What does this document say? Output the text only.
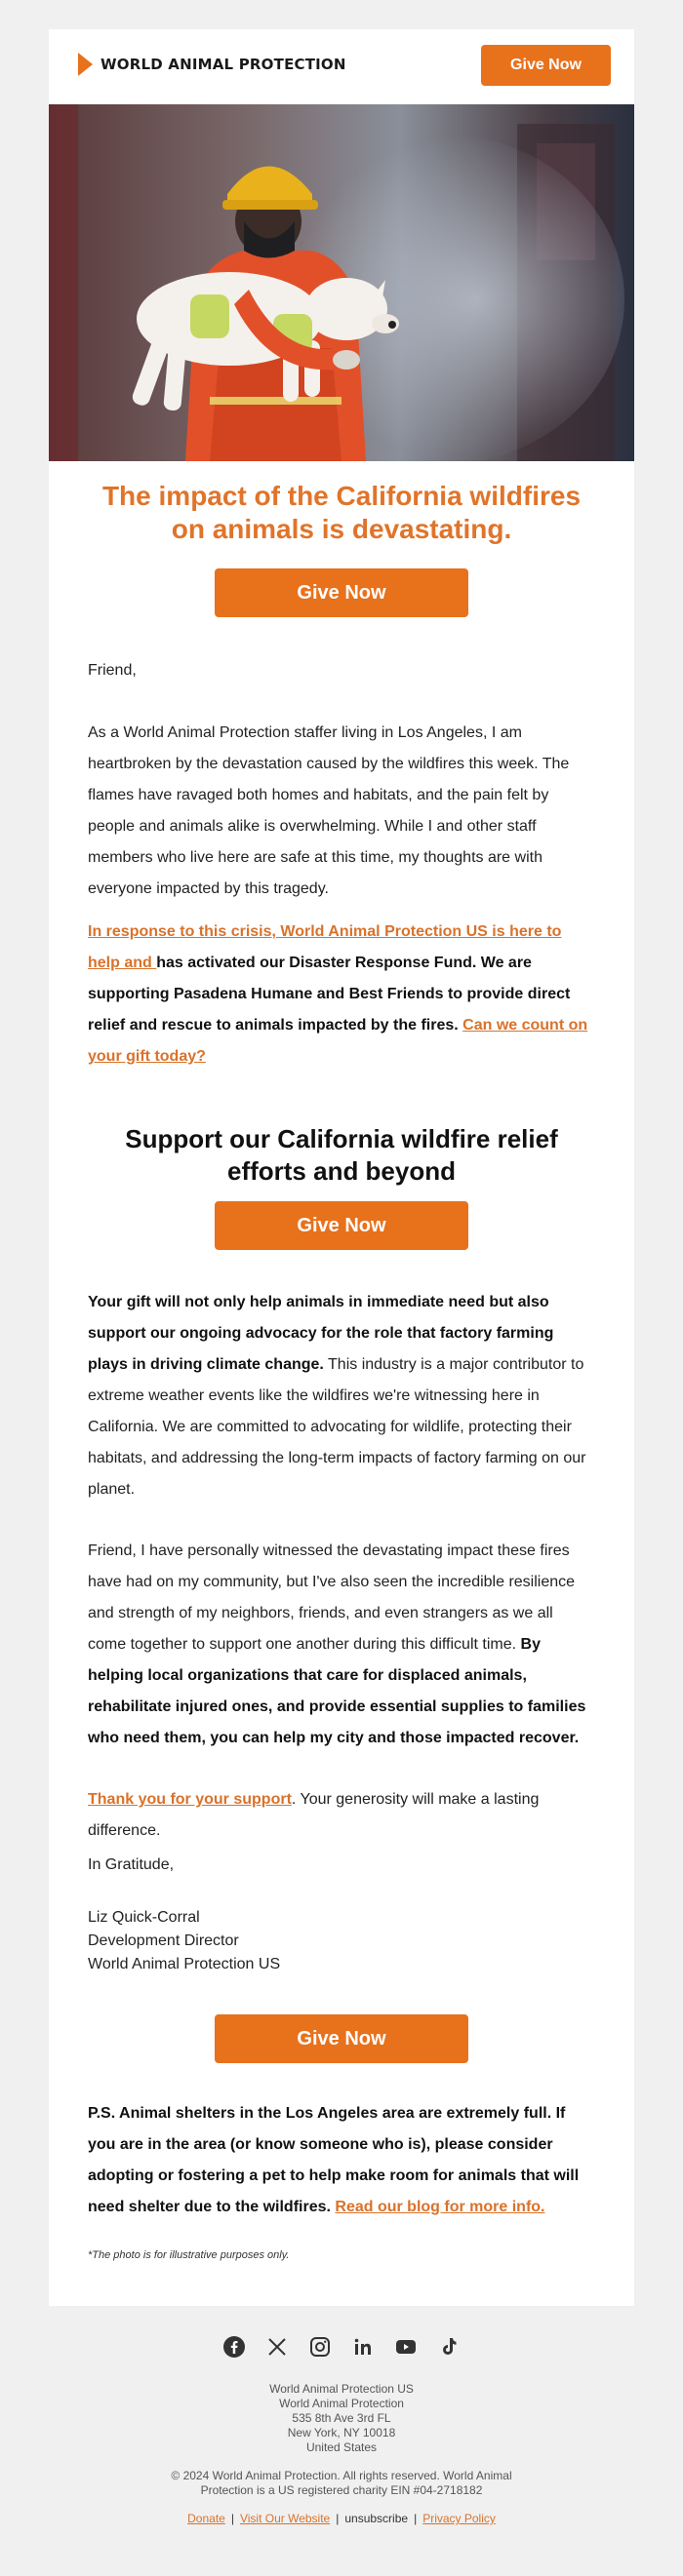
WORLD ANIMAL PROTECTION	Give Now
The impact of the California wildfires on animals is devastating.
Give Now

Friend,

As a World Animal Protection staffer living in Los Angeles, I am heartbroken by the devastation caused by the wildfires this week. The flames have ravaged both homes and habitats, and the pain felt by people and animals alike is overwhelming. While I and other staff members who live here are safe at this time, my thoughts are with everyone impacted by this tragedy.

In response to this crisis, World Animal Protection US is here to help and has activated our Disaster Response Fund. We are supporting Pasadena Humane and Best Friends to provide direct relief and rescue to animals impacted by the fires. Can we count on your gift today?

Support our California wildfire relief efforts and beyond
Give Now

Your gift will not only help animals in immediate need but also support our ongoing advocacy for the role that factory farming plays in driving climate change. This industry is a major contributor to extreme weather events like the wildfires we're witnessing here in California. We are committed to advocating for wildlife, protecting their habitats, and addressing the long-term impacts of factory farming on our planet.

Friend, I have personally witnessed the devastating impact these fires have had on my community, but I've also seen the incredible resilience and strength of my neighbors, friends, and even strangers as we all come together to support one another during this difficult time. By helping local organizations that care for displaced animals, rehabilitate injured ones, and provide essential supplies to families who need them, you can help my city and those impacted recover.

Thank you for your support. Your generosity will make a lasting difference.

In Gratitude,

Liz Quick-Corral
Development Director
World Animal Protection US
Give Now

P.S. Animal shelters in the Los Angeles area are extremely full. If you are in the area (or know someone who is), please consider adopting or fostering a pet to help make room for animals that will need shelter due to the wildfires. Read our blog for more info.

*The photo is for illustrative purposes only.
World Animal Protection US
World Animal Protection
535 8th Ave 3rd FL
New York, NY 10018
United States
© 2024 World Animal Protection. All rights reserved. World Animal Protection is a US registered charity EIN #04-2718182
Donate | Visit Our Website | unsubscribe | Privacy Policy
